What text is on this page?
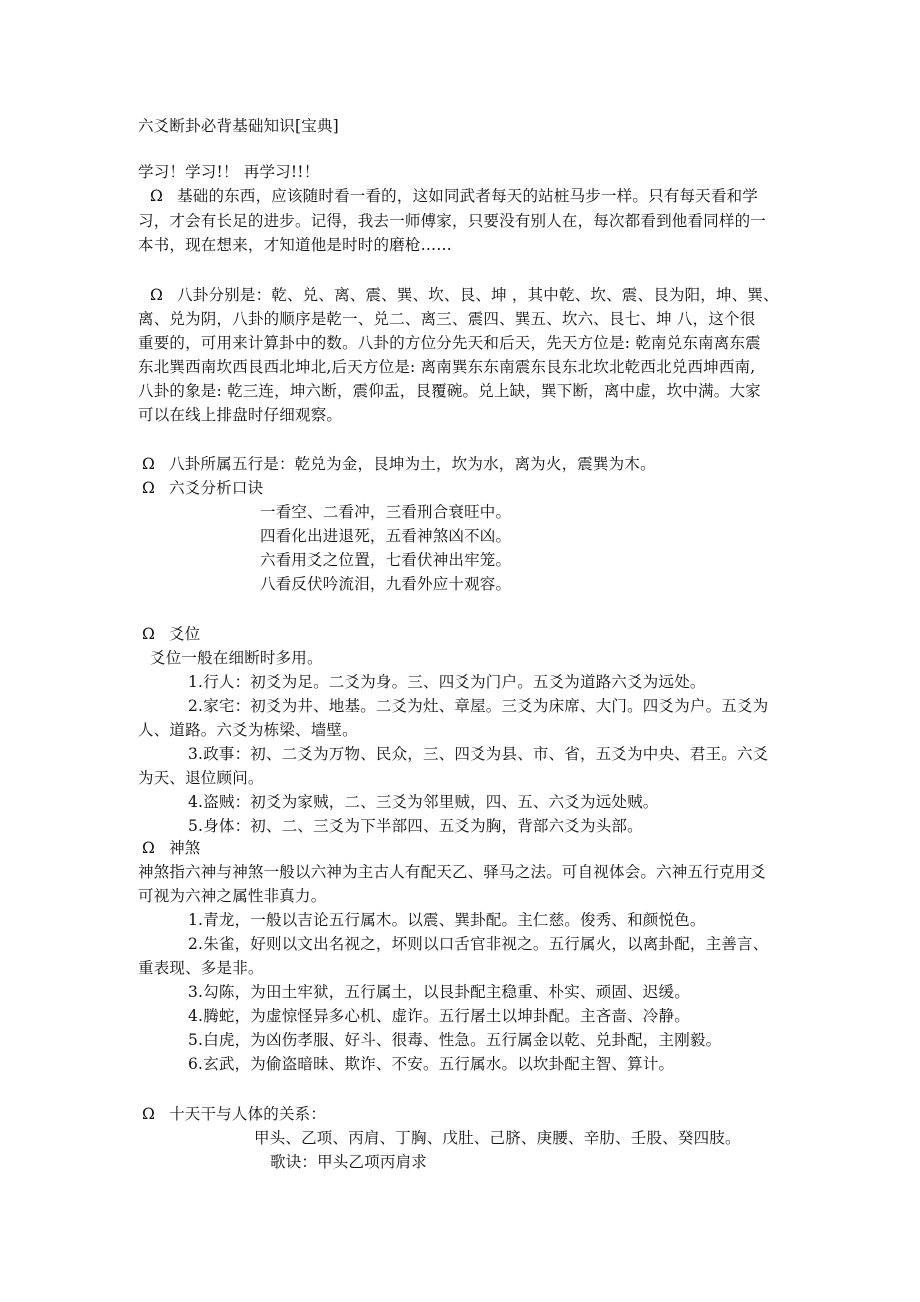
六爻断卦必背基础知识[宝典]
学习！学习!！ 再学习!!！
Ω 基础的东西，应该随时看一看的，这如同武者每天的站桩马步一样。只有每天看和学
习，才会有长足的进步。记得，我去一师傅家，只要没有别人在，每次都看到他看同样的一
本书，现在想来，才知道他是时时的磨枪……
Ω 八卦分别是：乾、兑、离、震、巽、坎、艮、坤 ，其中乾、坎、震、艮为阳，坤、巽、
离、兑为阴，八卦的顺序是乾一、兑二、离三、震四、巽五、坎六、艮七、坤 八，这个很
重要的，可用来计算卦中的数。八卦的方位分先天和后天，先天方位是: 乾南兑东南离东震
东北巽西南坎西艮西北坤北,后天方位是: 离南巽东东南震东艮东北坎北乾西北兑西坤西南,
八卦的象是: 乾三连，坤六断，震仰盂，艮覆碗。兑上缺，巽下断，离中虚，坎中满。大家
可以在线上排盘时仔细观察。
Ω 八卦所属五行是：乾兑为金，艮坤为土，坎为水，离为火，震巽为木。
Ω 六爻分析口诀
一看空、二看冲，三看刑合衰旺中。
四看化出进退死，五看神煞凶不凶。
六看用爻之位置，七看伏神出牢笼。
八看反伏吟流泪，九看外应十观容。
Ω 爻位
爻位一般在细断时多用。
1.行人：初爻为足。二爻为身。三、四爻为门户。五爻为道路六爻为远处。
2.家宅：初爻为井、地基。二爻为灶、章屋。三爻为床席、大门。四爻为户。五爻为
人、道路。六爻为栋梁、墙壁。
3.政事：初、二爻为万物、民众，三、四爻为县、市、省，五爻为中央、君王。六爻
为天、退位顾问。
4.盗贼：初爻为家贼，二、三爻为邻里贼，四、五、六爻为远处贼。
5.身体：初、二、三爻为下半部四、五爻为胸，背部六爻为头部。
Ω 神煞
神煞指六神与神煞一般以六神为主古人有配天乙、驿马之法。可自视体会。六神五行克用爻
可视为六神之属性非真力。
1.青龙，一般以吉论五行属木。以震、巽卦配。主仁慈。俊秀、和颜悦色。
2.朱雀，好则以文出名视之，坏则以口舌官非视之。五行属火，以离卦配，主善言、
重表现、多是非。
3.勾陈，为田土牢狱，五行属土，以艮卦配主稳重、朴实、顽固、迟缓。
4.腾蛇，为虚惊怪异多心机、虚诈。五行屠土以坤卦配。主吝啬、冷静。
5.白虎，为凶伤孝服、好斗、很毒、性急。五行属金以乾、兑卦配，主刚毅。
6.玄武，为偷盗暗昧、欺诈、不安。五行属水。以坎卦配主智、算计。
Ω 十天干与人体的关系：
甲头、乙项、丙肩、丁胸、戊肚、己脐、庚腰、辛肋、壬股、癸四肢。
歌诀：甲头乙项丙肩求
